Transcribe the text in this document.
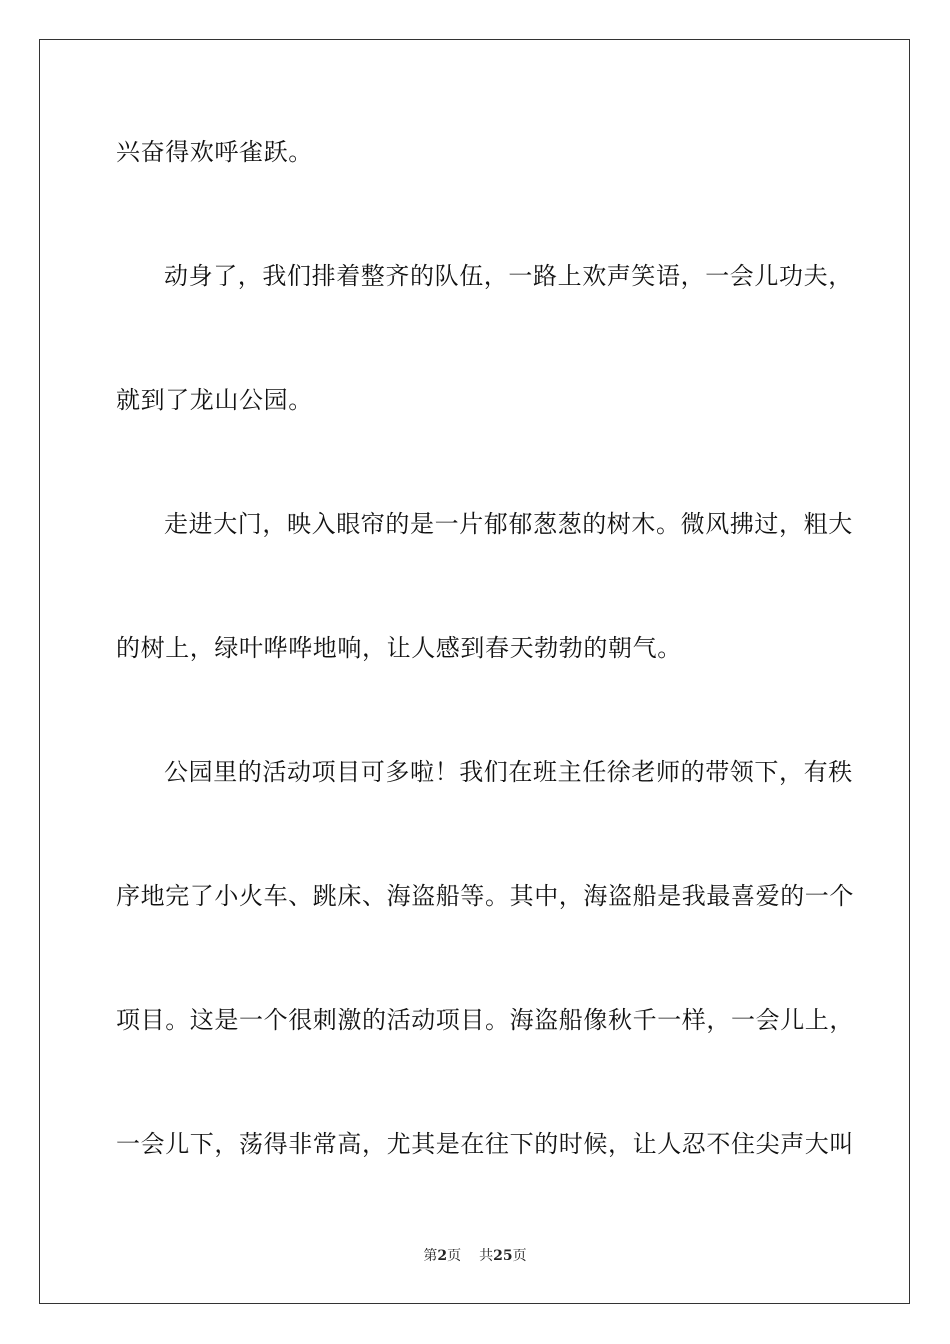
兴奋得欢呼雀跃。
动身了，我们排着整齐的队伍，一路上欢声笑语，一会儿功夫，
就到了龙山公园。
走进大门，映入眼帘的是一片郁郁葱葱的树木。微风拂过，粗大
的树上，绿叶哗哗地响，让人感到春天勃勃的朝气。
公园里的活动项目可多啦！我们在班主任徐老师的带领下，有秩
序地完了小火车、跳床、海盗船等。其中，海盗船是我最喜爱的一个
项目。这是一个很刺激的活动项目。海盗船像秋千一样，一会儿上，
一会儿下，荡得非常高，尤其是在往下的时候，让人忍不住尖声大叫
第2页 共25页
